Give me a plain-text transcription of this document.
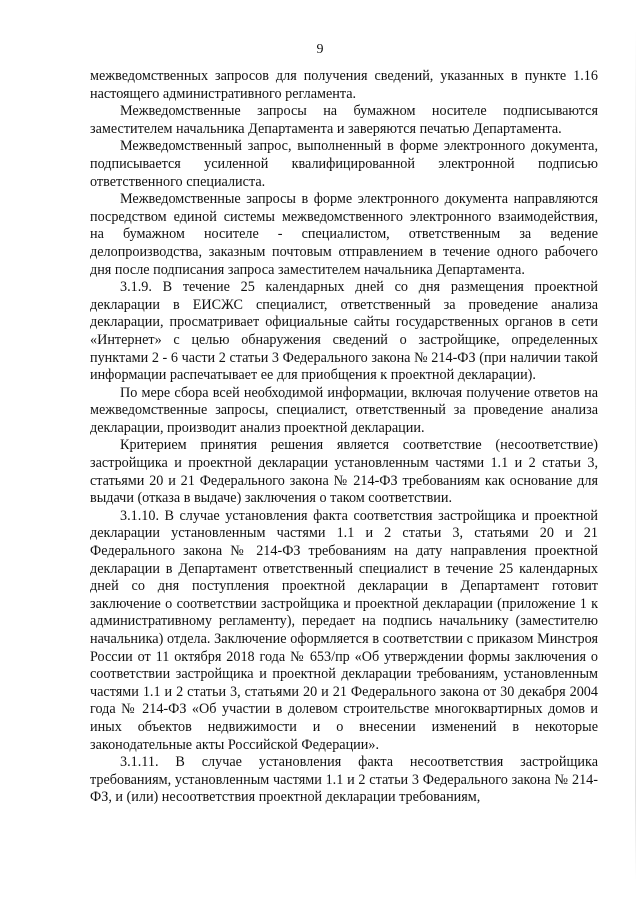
9

межведомственных запросов для получения сведений, указанных в пункте 1.16 настоящего административного регламента.

Межведомственные запросы на бумажном носителе подписываются заместителем начальника Департамента и заверяются печатью Департамента.

Межведомственный запрос, выполненный в форме электронного документа, подписывается усиленной квалифицированной электронной подписью ответственного специалиста.

Межведомственные запросы в форме электронного документа направляются посредством единой системы межведомственного электронного взаимодействия, на бумажном носителе - специалистом, ответственным за ведение делопроизводства, заказным почтовым отправлением в течение одного рабочего дня после подписания запроса заместителем начальника Департамента.

3.1.9. В течение 25 календарных дней со дня размещения проектной декларации в ЕИСЖС специалист, ответственный за проведение анализа декларации, просматривает официальные сайты государственных органов в сети «Интернет» с целью обнаружения сведений о застройщике, определенных пунктами 2 - 6 части 2 статьи 3 Федерального закона № 214-ФЗ (при наличии такой информации распечатывает ее для приобщения к проектной декларации).

По мере сбора всей необходимой информации, включая получение ответов на межведомственные запросы, специалист, ответственный за проведение анализа декларации, производит анализ проектной декларации.

Критерием принятия решения является соответствие (несоответствие) застройщика и проектной декларации установленным частями 1.1 и 2 статьи 3, статьями 20 и 21 Федерального закона № 214-ФЗ требованиям как основание для выдачи (отказа в выдаче) заключения о таком соответствии.

3.1.10. В случае установления факта соответствия застройщика и проектной декларации установленным частями 1.1 и 2 статьи 3, статьями 20 и 21 Федерального закона № 214-ФЗ требованиям на дату направления проектной декларации в Департамент ответственный специалист в течение 25 календарных дней со дня поступления проектной декларации в Департамент готовит заключение о соответствии застройщика и проектной декларации (приложение 1 к административному регламенту), передает на подпись начальнику (заместителю начальника) отдела. Заключение оформляется в соответствии с приказом Минстроя России от 11 октября 2018 года № 653/пр «Об утверждении формы заключения о соответствии застройщика и проектной декларации требованиям, установленным частями 1.1 и 2 статьи 3, статьями 20 и 21 Федерального закона от 30 декабря 2004 года № 214-ФЗ «Об участии в долевом строительстве многоквартирных домов и иных объектов недвижимости и о внесении изменений в некоторые законодательные акты Российской Федерации».

3.1.11. В случае установления факта несоответствия застройщика требованиям, установленным частями 1.1 и 2 статьи 3 Федерального закона № 214-ФЗ, и (или) несоответствия проектной декларации требованиям,
